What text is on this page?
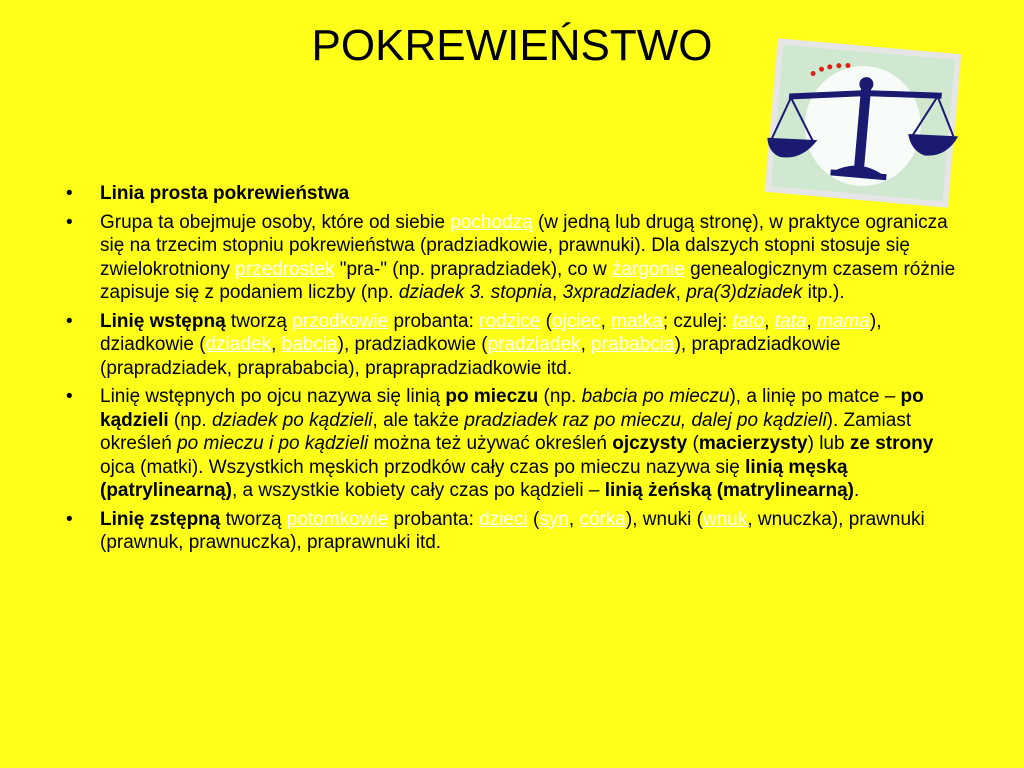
POKREWIEŃSTWO
• Linia prosta pokrewieństwa
• Grupa ta obejmuje osoby, które od siebie pochodzą (w jedną lub drugą stronę), w praktyce ogranicza się na trzecim stopniu pokrewieństwa (pradziadkowie, prawnuki). Dla dalszych stopni stosuje się zwielokrotniony przedrostek "pra-" (np. prapradziadek), co w żargonie genealogicznym czasem różnie zapisuje się z podaniem liczby (np. dziadek 3. stopnia, 3xpradziadek, pra(3)dziadek itp.).
• Linię wstępną tworzą przodkowie probanta: rodzice (ojciec, matka; czulej: tato, tata, mama), dziadkowie (dziadek, babcia), pradziadkowie (pradziadek, prababcia), prapradziadkowie (prapradziadek, praprababcia), praprapradziadkowie itd.
• Linię wstępnych po ojcu nazywa się linią po mieczu (np. babcia po mieczu), a linię po matce – po kądzieli (np. dziadek po kądzieli, ale także pradziadek raz po mieczu, dalej po kądzieli). Zamiast określeń po mieczu i po kądzieli można też używać określeń ojczysty (macierzysty) lub ze strony ojca (matki). Wszystkich męskich przodków cały czas po mieczu nazywa się linią męską (patrylinearną), a wszystkie kobiety cały czas po kądzieli – linią żeńską (matrylinearną).
• Linię zstępną tworzą potomkowie probanta: dzieci (syn, córka), wnuki (wnuk, wnuczka), prawnuki (prawnuk, prawnuczka), praprawnuki itd.
